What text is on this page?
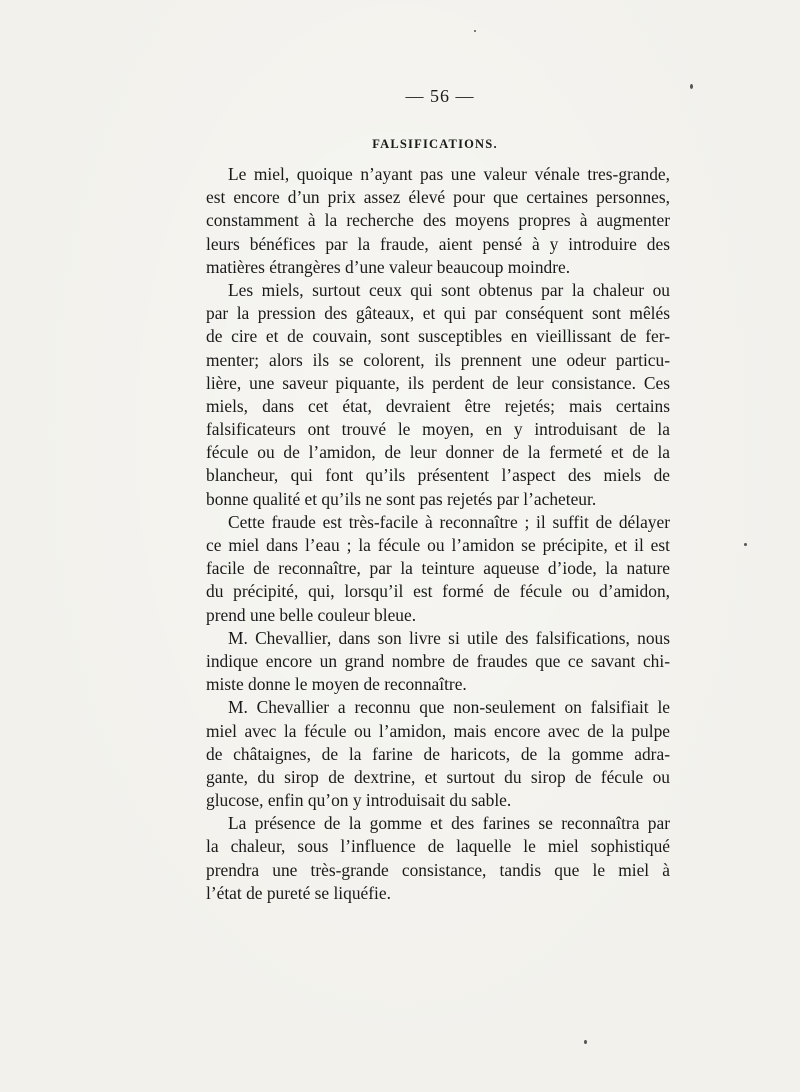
— 56 —
FALSIFICATIONS.
Le miel, quoique n’ayant pas une valeur vénale tres-grande,
est encore d’un prix assez élevé pour que certaines personnes,
constamment à la recherche des moyens propres à augmenter
leurs bénéfices par la fraude, aient pensé à y introduire des
matières étrangères d’une valeur beaucoup moindre.
Les miels, surtout ceux qui sont obtenus par la chaleur ou
par la pression des gâteaux, et qui par conséquent sont mêlés
de cire et de couvain, sont susceptibles en vieillissant de fer-
menter; alors ils se colorent, ils prennent une odeur particu-
lière, une saveur piquante, ils perdent de leur consistance. Ces
miels, dans cet état, devraient être rejetés; mais certains
falsificateurs ont trouvé le moyen, en y introduisant de la
fécule ou de l’amidon, de leur donner de la fermeté et de la
blancheur, qui font qu’ils présentent l’aspect des miels de
bonne qualité et qu’ils ne sont pas rejetés par l’acheteur.
Cette fraude est très-facile à reconnaître ; il suffit de délayer
ce miel dans l’eau ; la fécule ou l’amidon se précipite, et il est
facile de reconnaître, par la teinture aqueuse d’iode, la nature
du précipité, qui, lorsqu’il est formé de fécule ou d’amidon,
prend une belle couleur bleue.
M. Chevallier, dans son livre si utile des falsifications, nous
indique encore un grand nombre de fraudes que ce savant chi-
miste donne le moyen de reconnaître.
M. Chevallier a reconnu que non-seulement on falsifiait le
miel avec la fécule ou l’amidon, mais encore avec de la pulpe
de châtaignes, de la farine de haricots, de la gomme adra-
gante, du sirop de dextrine, et surtout du sirop de fécule ou
glucose, enfin qu’on y introduisait du sable.
La présence de la gomme et des farines se reconnaîtra par
la chaleur, sous l’influence de laquelle le miel sophistiqué
prendra une très-grande consistance, tandis que le miel à
l’état de pureté se liquéfie.
